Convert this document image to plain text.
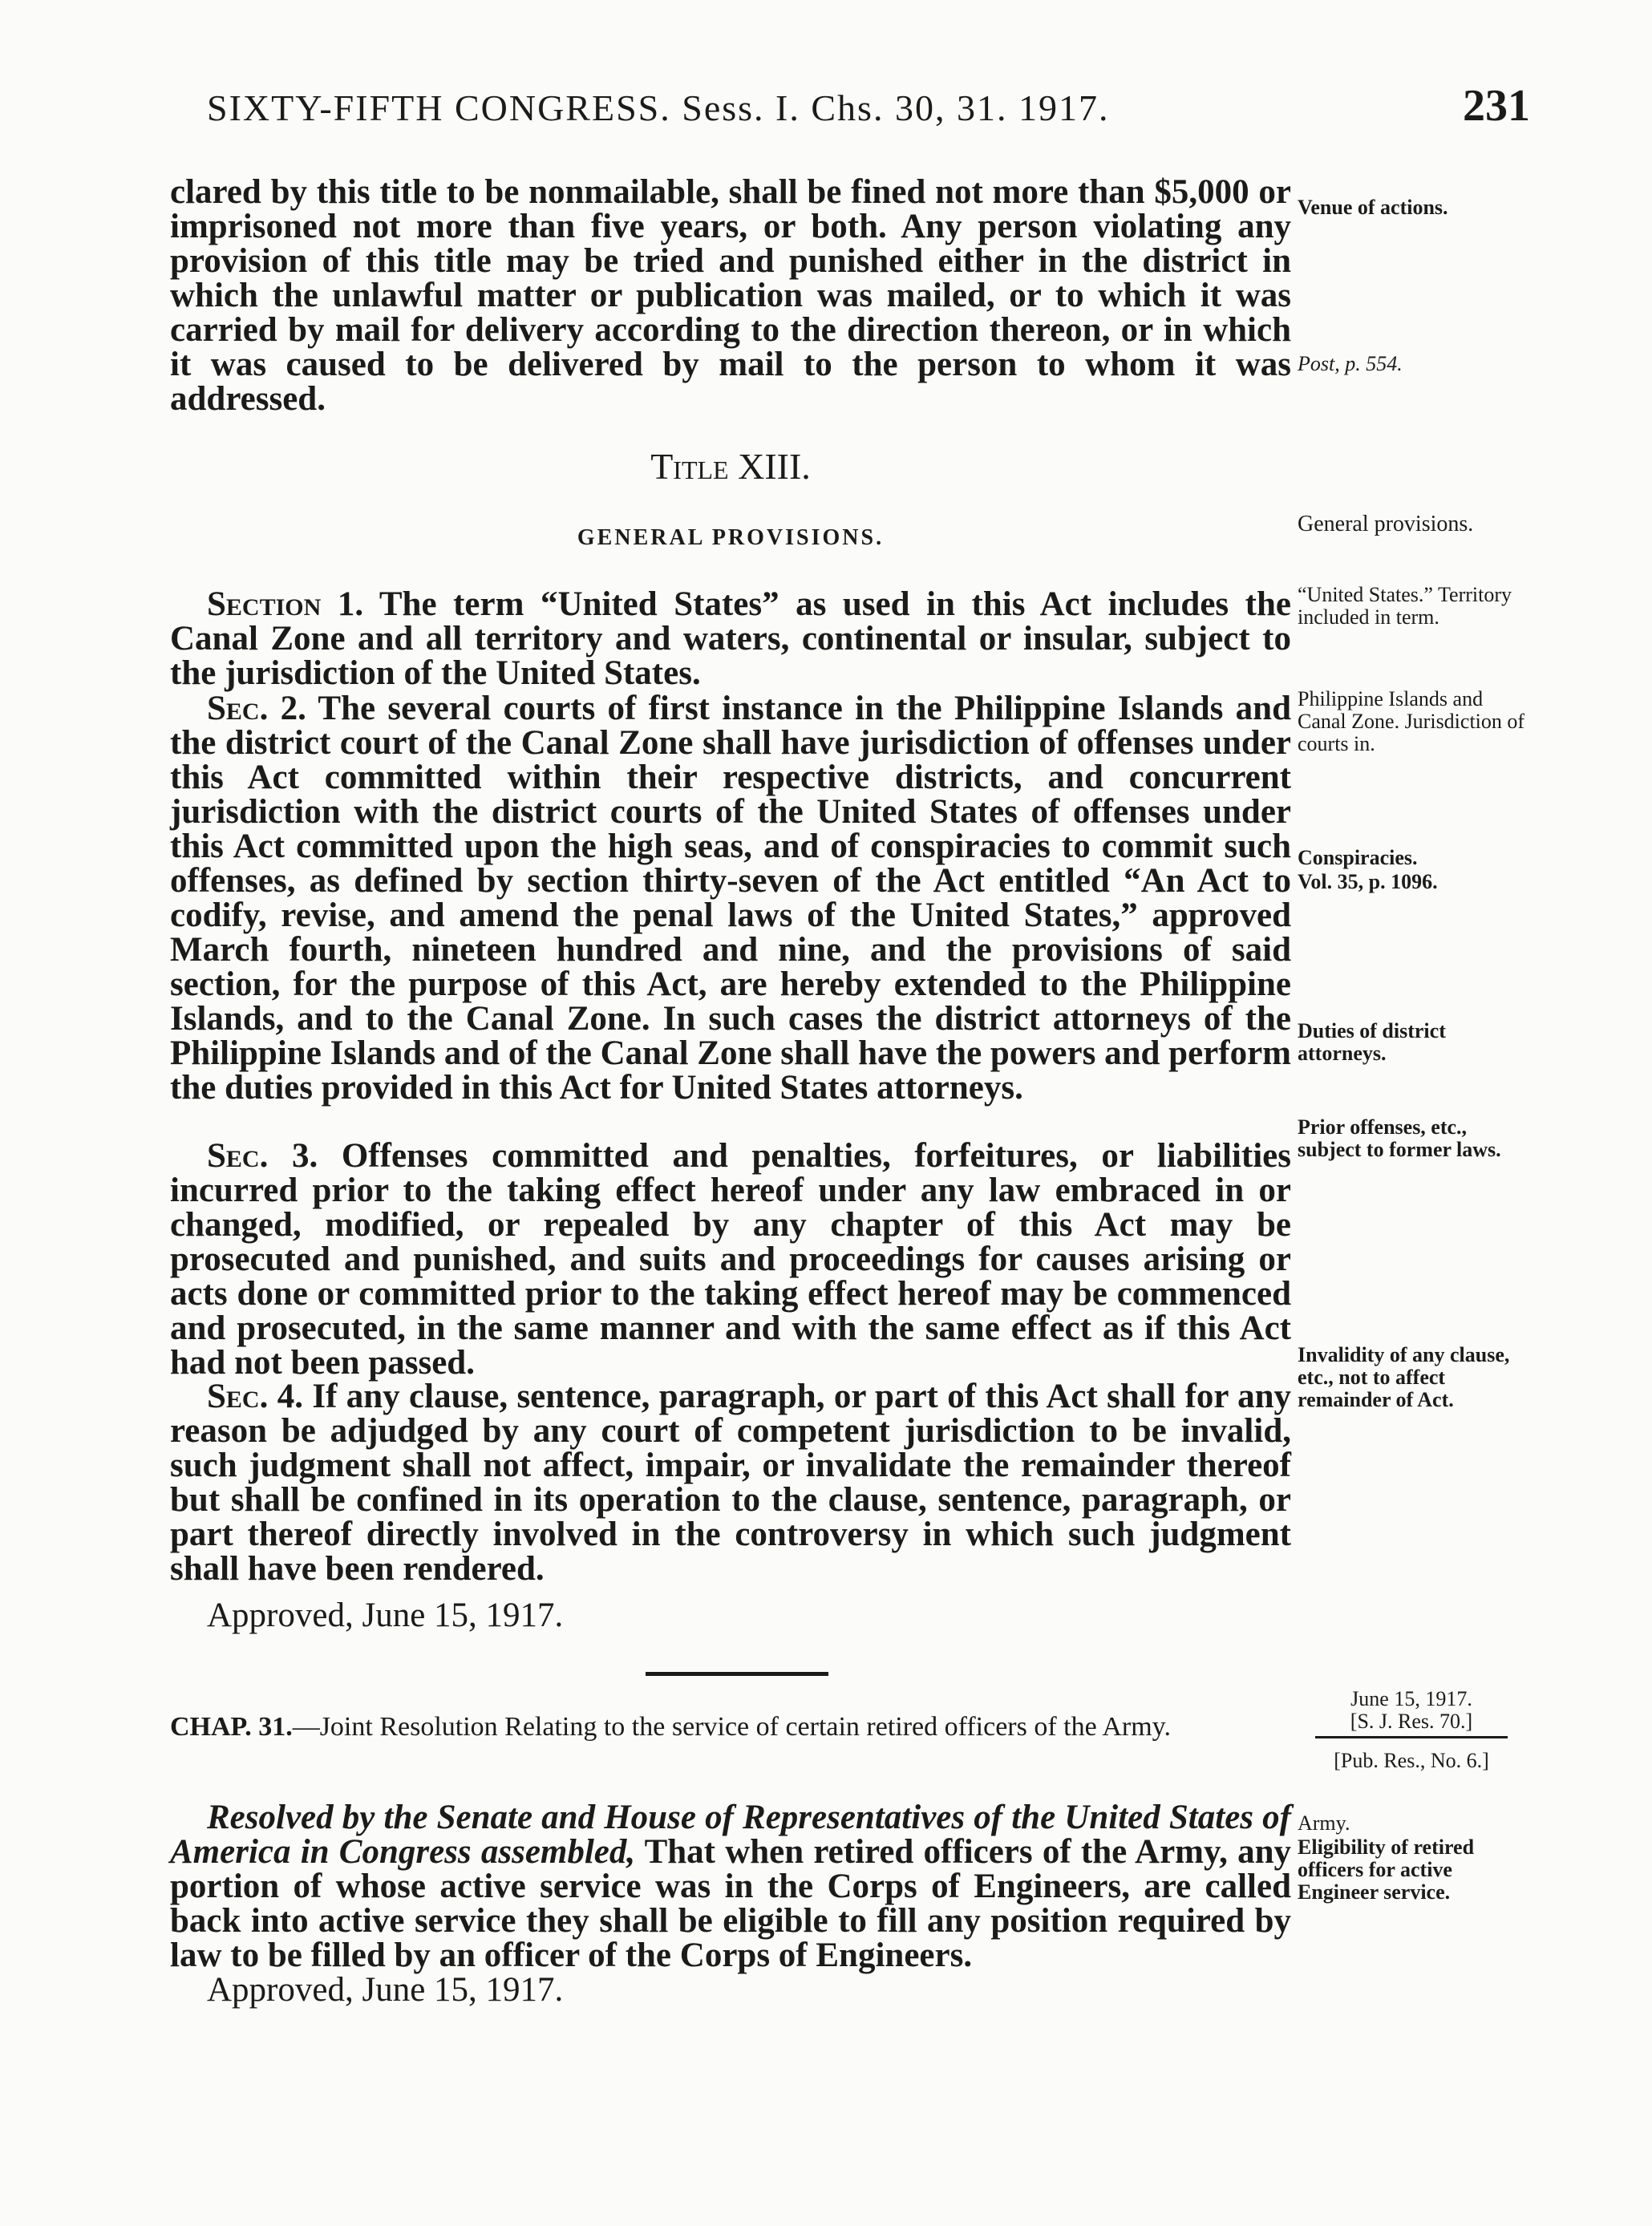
SIXTY-FIFTH CONGRESS. Sess. I. Chs. 30, 31. 1917.	231

clared by this title to be nonmailable, shall be fined not more than $5,000 or imprisoned not more than five years, or both. Any person violating any provision of this title may be tried and punished either in the district in which the unlawful matter or publication was mailed, or to which it was carried by mail for delivery according to the direction thereon, or in which it was caused to be delivered by mail to the person to whom it was addressed.

Title XIII.
GENERAL PROVISIONS.

Section 1. The term “United States” as used in this Act includes the Canal Zone and all territory and waters, continental or insular, subject to the jurisdiction of the United States.

Sec. 2. The several courts of first instance in the Philippine Islands and the district court of the Canal Zone shall have jurisdiction of offenses under this Act committed within their respective districts, and concurrent jurisdiction with the district courts of the United States of offenses under this Act committed upon the high seas, and of conspiracies to commit such offenses, as defined by section thirty-seven of the Act entitled “An Act to codify, revise, and amend the penal laws of the United States,” approved March fourth, nineteen hundred and nine, and the provisions of said section, for the purpose of this Act, are hereby extended to the Philippine Islands, and to the Canal Zone. In such cases the district attorneys of the Philippine Islands and of the Canal Zone shall have the powers and perform the duties provided in this Act for United States attorneys.

Sec. 3. Offenses committed and penalties, forfeitures, or liabilities incurred prior to the taking effect hereof under any law embraced in or changed, modified, or repealed by any chapter of this Act may be prosecuted and punished, and suits and proceedings for causes arising or acts done or committed prior to the taking effect hereof may be commenced and prosecuted, in the same manner and with the same effect as if this Act had not been passed.

Sec. 4. If any clause, sentence, paragraph, or part of this Act shall for any reason be adjudged by any court of competent jurisdiction to be invalid, such judgment shall not affect, impair, or invalidate the remainder thereof but shall be confined in its operation to the clause, sentence, paragraph, or part thereof directly involved in the controversy in which such judgment shall have been rendered.

Approved, June 15, 1917.

CHAP. 31.—Joint Resolution Relating to the service of certain retired officers of the Army.

Resolved by the Senate and House of Representatives of the United States of America in Congress assembled, That when retired officers of the Army, any portion of whose active service was in the Corps of Engineers, are called back into active service they shall be eligible to fill any position required by law to be filled by an officer of the Corps of Engineers.

Approved, June 15, 1917.

Venue of actions.
Post, p. 554.
General provisions.
“United States.” Territory included in term.
Philippine Islands and Canal Zone. Jurisdiction of courts in.
Conspiracies.
Vol. 35, p. 1096.
Duties of district attorneys.
Prior offenses, etc., subject to former laws.
Invalidity of any clause, etc., not to affect remainder of Act.
June 15, 1917.
[S. J. Res. 70.]
[Pub. Res., No. 6.]
Army.
Eligibility of retired officers for active Engineer service.
